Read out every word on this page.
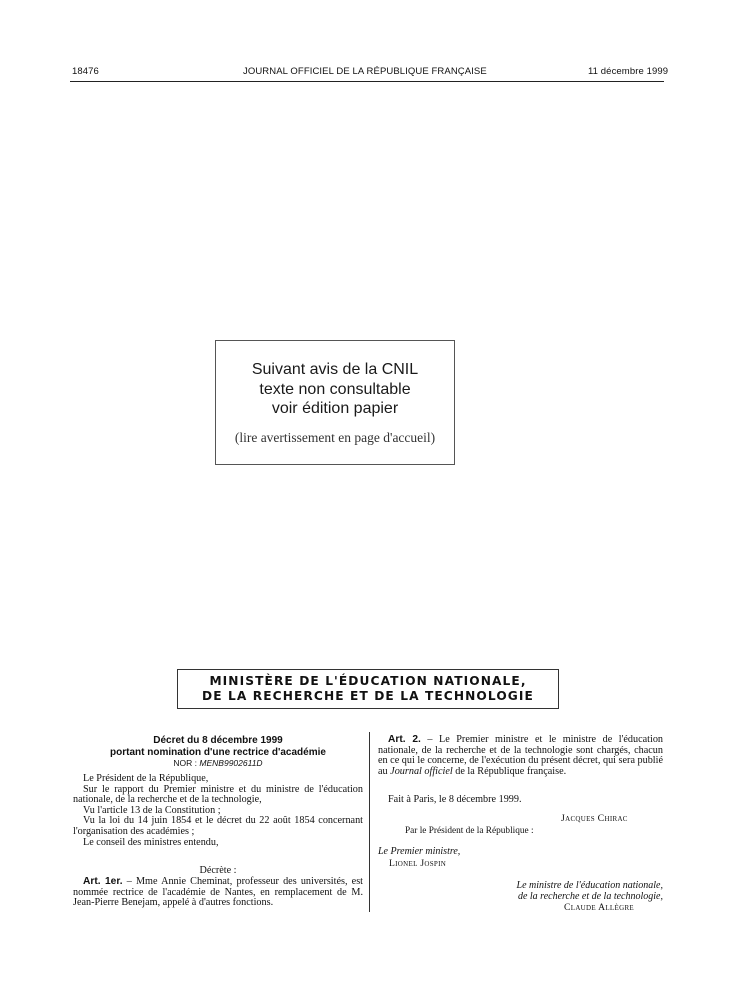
18476	JOURNAL OFFICIEL DE LA RÉPUBLIQUE FRANÇAISE	11 décembre 1999
Suivant avis de la CNIL
texte non consultable
voir édition papier
(lire avertissement en page d'accueil)
MINISTÈRE DE L'ÉDUCATION NATIONALE,
DE LA RECHERCHE ET DE LA TECHNOLOGIE
Décret du 8 décembre 1999
portant nomination d'une rectrice d'académie
NOR : MENB9902611D

Le Président de la République,

Sur le rapport du Premier ministre et du ministre de l'éducation nationale, de la recherche et de la technologie,

Vu l'article 13 de la Constitution ;

Vu la loi du 14 juin 1854 et le décret du 22 août 1854 concernant l'organisation des académies ;

Le conseil des ministres entendu,

Décrète :
Art. 1er. – Mme Annie Cheminat, professeur des universités, est nommée rectrice de l'académie de Nantes, en remplacement de M. Jean-Pierre Benejam, appelé à d'autres fonctions.
Art. 2. – Le Premier ministre et le ministre de l'éducation nationale, de la recherche et de la technologie sont chargés, chacun en ce qui le concerne, de l'exécution du présent décret, qui sera publié au Journal officiel de la République française.
Fait à Paris, le 8 décembre 1999.
Jacques Chirac
Par le Président de la République :
Le Premier ministre,
Lionel Jospin
Le ministre de l'éducation nationale,
de la recherche et de la technologie,
Claude Allègre
